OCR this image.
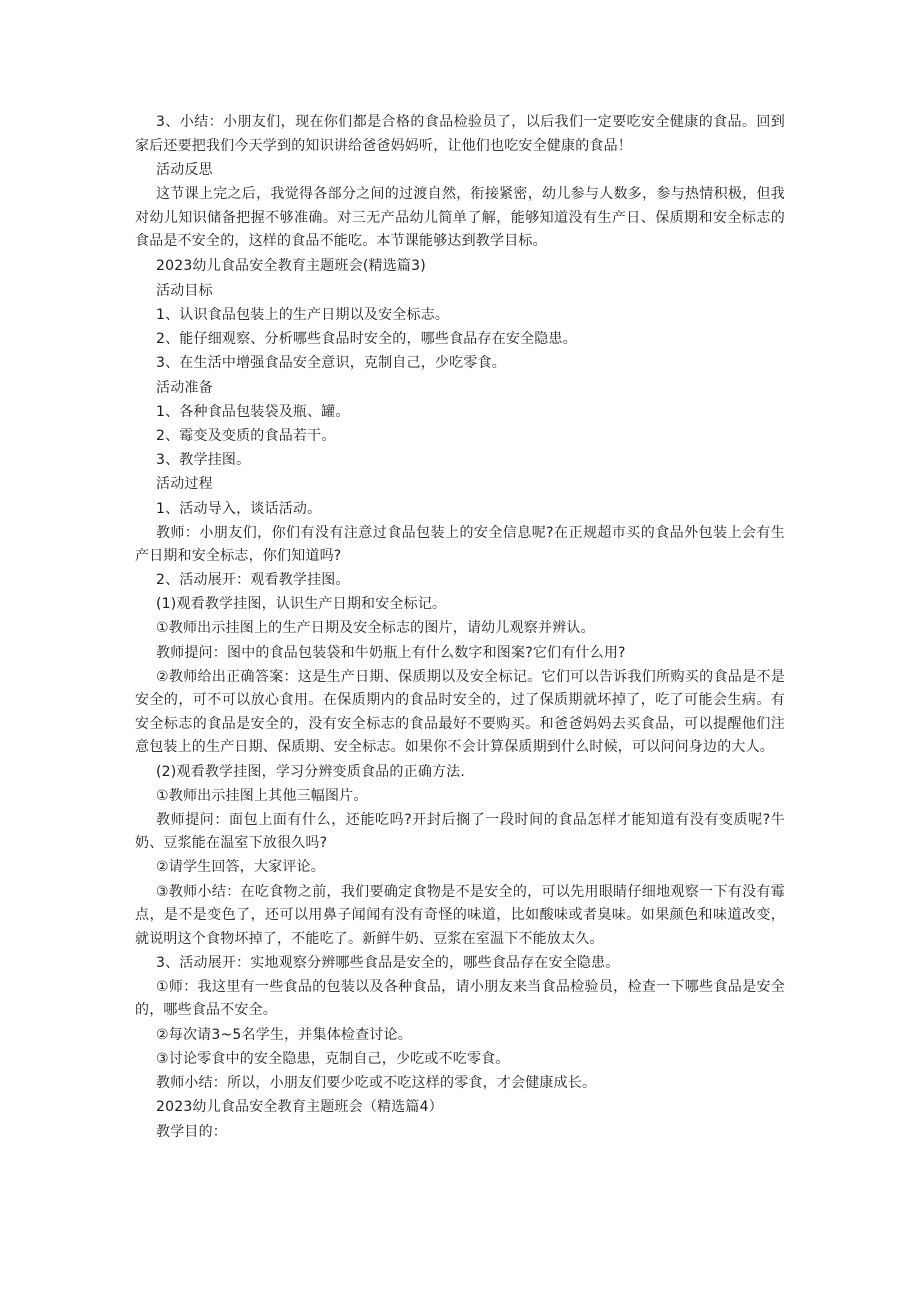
3、小结：小朋友们，现在你们都是合格的食品检验员了，以后我们一定要吃安全健康的食品。回到家后还要把我们今天学到的知识讲给爸爸妈妈听，让他们也吃安全健康的食品！

活动反思

这节课上完之后，我觉得各部分之间的过渡自然，衔接紧密，幼儿参与人数多，参与热情积极，但我对幼儿知识储备把握不够准确。对三无产品幼儿简单了解，能够知道没有生产日、保质期和安全标志的食品是不安全的，这样的食品不能吃。本节课能够达到教学目标。

2023幼儿食品安全教育主题班会(精选篇3)

活动目标

1、认识食品包装上的生产日期以及安全标志。

2、能仔细观察、分析哪些食品时安全的，哪些食品存在安全隐患。

3、在生活中增强食品安全意识，克制自己，少吃零食。

活动准备

1、各种食品包装袋及瓶、罐。

2、霉变及变质的食品若干。

3、教学挂图。

活动过程

1、活动导入，谈话活动。

教师：小朋友们，你们有没有注意过食品包装上的安全信息呢?在正规超市买的食品外包装上会有生产日期和安全标志，你们知道吗?

2、活动展开：观看教学挂图。

(1)观看教学挂图，认识生产日期和安全标记。

①教师出示挂图上的生产日期及安全标志的图片，请幼儿观察并辨认。

教师提问：图中的食品包装袋和牛奶瓶上有什么数字和图案?它们有什么用?

②教师给出正确答案：这是生产日期、保质期以及安全标记。它们可以告诉我们所购买的食品是不是安全的，可不可以放心食用。在保质期内的食品时安全的，过了保质期就坏掉了，吃了可能会生病。有安全标志的食品是安全的，没有安全标志的食品最好不要购买。和爸爸妈妈去买食品，可以提醒他们注意包装上的生产日期、保质期、安全标志。如果你不会计算保质期到什么时候，可以问问身边的大人。

(2)观看教学挂图，学习分辨变质食品的正确方法.

①教师出示挂图上其他三幅图片。

教师提问：面包上面有什么，还能吃吗?开封后搁了一段时间的食品怎样才能知道有没有变质呢?牛奶、豆浆能在温室下放很久吗?

②请学生回答，大家评论。

③教师小结：在吃食物之前，我们要确定食物是不是安全的，可以先用眼睛仔细地观察一下有没有霉点，是不是变色了，还可以用鼻子闻闻有没有奇怪的味道，比如酸味或者臭味。如果颜色和味道改变，就说明这个食物坏掉了，不能吃了。新鲜牛奶、豆浆在室温下不能放太久。

3、活动展开：实地观察分辨哪些食品是安全的，哪些食品存在安全隐患。

①师：我这里有一些食品的包装以及各种食品，请小朋友来当食品检验员，检查一下哪些食品是安全的，哪些食品不安全。

②每次请3~5名学生，并集体检查讨论。

③讨论零食中的安全隐患，克制自己，少吃或不吃零食。

教师小结：所以，小朋友们要少吃或不吃这样的零食，才会健康成长。

2023幼儿食品安全教育主题班会（精选篇4）

教学目的：
